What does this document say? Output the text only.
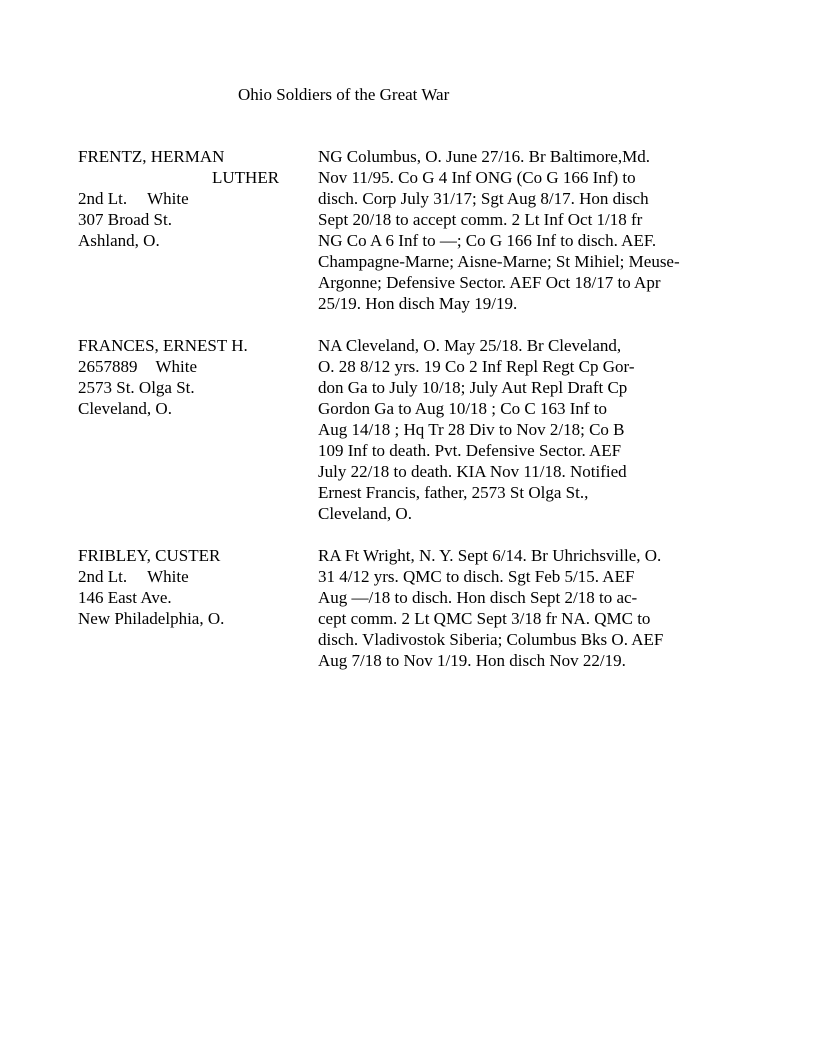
Ohio Soldiers of the Great War
FRENTZ, HERMAN
LUTHER
2nd Lt. White
307 Broad St.
Ashland, O.
NG Columbus, O. June 27/16. Br Baltimore,Md.
Nov 11/95. Co G 4 Inf ONG (Co G 166 Inf) to
disch. Corp July 31/17; Sgt Aug 8/17. Hon disch
Sept 20/18 to accept comm. 2 Lt Inf Oct 1/18 fr
NG Co A 6 Inf to —; Co G 166 Inf to disch. AEF.
Champagne-Marne; Aisne-Marne; St Mihiel; Meuse-
Argonne; Defensive Sector. AEF Oct 18/17 to Apr
25/19. Hon disch May 19/19.
FRANCES, ERNEST H.
2657889 White
2573 St. Olga St.
Cleveland, O.
NA Cleveland, O. May 25/18. Br Cleveland,
O. 28 8/12 yrs. 19 Co 2 Inf Repl Regt Cp Gor-
don Ga to July 10/18; July Aut Repl Draft Cp
Gordon Ga to Aug 10/18 ; Co C 163 Inf to
Aug 14/18 ; Hq Tr 28 Div to Nov 2/18; Co B
109 Inf to death. Pvt. Defensive Sector. AEF
July 22/18 to death. KIA Nov 11/18. Notified
Ernest Francis, father, 2573 St Olga St.,
Cleveland, O.
FRIBLEY, CUSTER
2nd Lt. White
146 East Ave.
New Philadelphia, O.
RA Ft Wright, N. Y. Sept 6/14. Br Uhrichsville, O.
31 4/12 yrs. QMC to disch. Sgt Feb 5/15. AEF
Aug —/18 to disch. Hon disch Sept 2/18 to ac-
cept comm. 2 Lt QMC Sept 3/18 fr NA. QMC to
disch. Vladivostok Siberia; Columbus Bks O. AEF
Aug 7/18 to Nov 1/19. Hon disch Nov 22/19.
